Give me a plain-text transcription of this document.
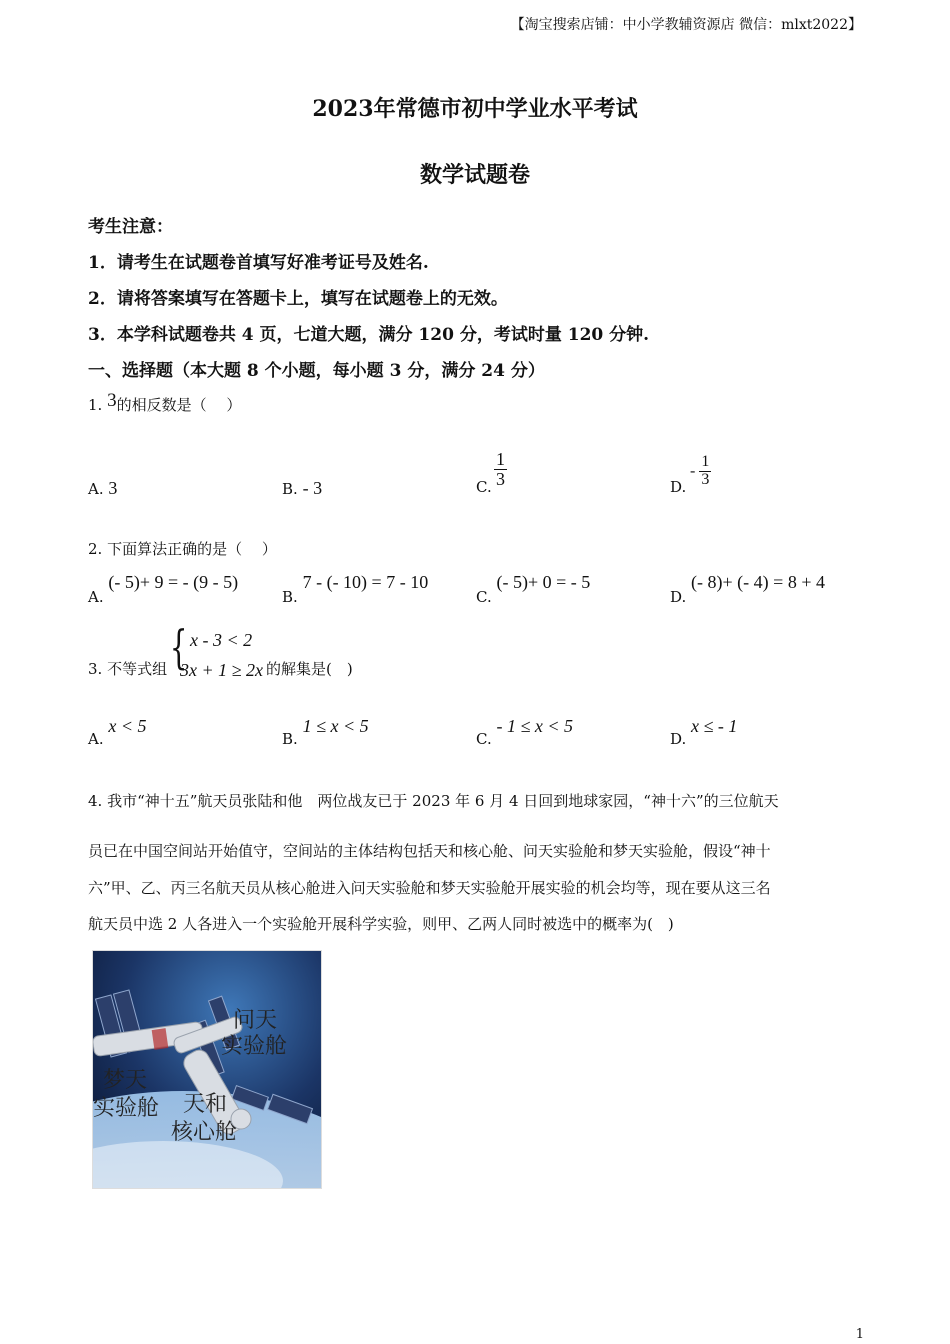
【淘宝搜索店铺：中小学教辅资源店 微信：mlxt2022】
2023年常德市初中学业水平考试
数学试题卷
考生注意：
1．请考生在试题卷首填写好准考证号及姓名.
2．请将答案填写在答题卡上，填写在试题卷上的无效。
3．本学科试题卷共 4 页，七道大题，满分 120 分，考试时量 120 分钟.
一、选择题（本大题 8 个小题，每小题 3 分，满分 24 分）
1. 3的相反数是（　 ）
A. 3	B. - 3	C. $\frac{1}{3}$	D.
- $\frac{1}{3}$
2. 下面算法正确的是（　 ）
A. (- 5)+ 9 = - (9 - 5)
B. 7 - (- 10) = 7 - 10
C. (- 5)+ 0 = - 5
D. (- 8)+ (- 4) = 8 + 4
3. 不等式组 { x - 3 < 2
3x + 1 ≥ 2x 的解集是(　)
A. x < 5
B. 1 ≤ x < 5
C. - 1 ≤ x < 5
D. x ≤ - 1
4. 我市“神十五”航天员张陆和他　两位战友已于 2023 年 6 月 4 日回到地球家园，“神十六”的三位航天
员已在中国空间站开始值守，空间站的主体结构包括天和核心舱、问天实验舱和梦天实验舱，假设“神十
六”甲、乙、丙三名航天员从核心舱进入问天实验舱和梦天实验舱开展实验的机会均等，现在要从这三名
航天员中选 2 人各进入一个实验舱开展科学实验，则甲、乙两人同时被选中的概率为(　)
问天
实验舱
梦天
实验舱 天和
核心舱
1
